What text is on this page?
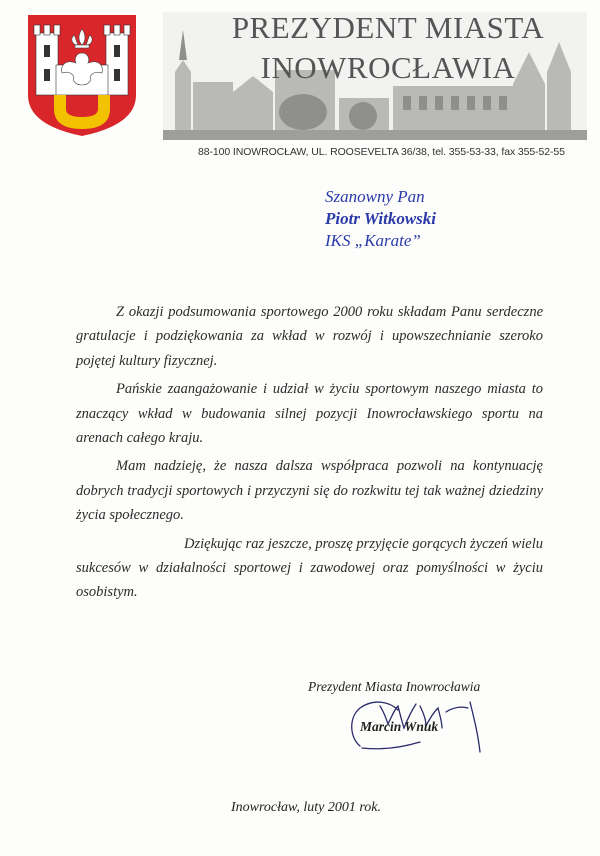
PREZYDENT MIASTA
INOWROCŁAWIA
88-100 INOWROCŁAW, UL. ROOSEVELTA 36/38, tel. 355-53-33, fax 355-52-55
Szanowny Pan
Piotr Witkowski
IKS „Karate”

Z okazji podsumowania sportowego 2000 roku składam Panu serdeczne gratulacje i podziękowania za wkład w rozwój i upowszechnianie szeroko pojętej kultury fizycznej.

Pańskie zaangażowanie i udział w życiu sportowym naszego miasta to znaczący wkład w budowania silnej pozycji Inowrocławskiego sportu na arenach całego kraju.

Mam nadzieję, że nasza dalsza współpraca pozwoli na kontynuację dobrych tradycji sportowych i przyczyni się do rozkwitu tej tak ważnej dziedziny życia społecznego.

Dziękując raz jeszcze, proszę przyjęcie gorących życzeń wielu sukcesów w działalności sportowej i zawodowej oraz pomyślności w życiu osobistym.

Prezydent Miasta Inowrocławia
Marcin Wnuk
Inowrocław, luty 2001 rok.
